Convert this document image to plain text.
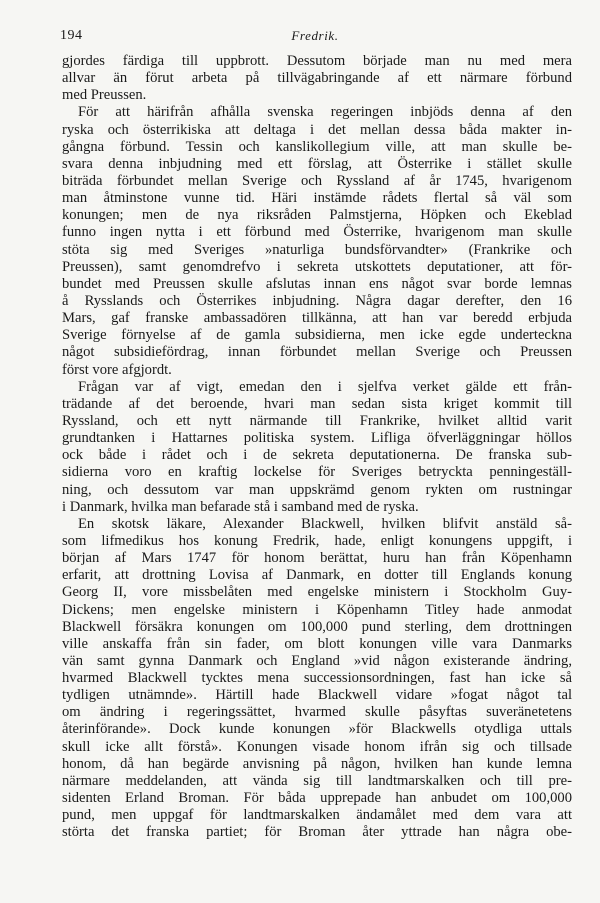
194	Fredrik.
gjordes färdiga till uppbrott. Dessutom började man nu med mera
allvar än förut arbeta på tillvägabringande af ett närmare förbund
med Preussen.
För att härifrån afhålla svenska regeringen inbjöds denna af den
ryska och österrikiska att deltaga i det mellan dessa båda makter in-
gångna förbund. Tessin och kanslikollegium ville, att man skulle be-
svara denna inbjudning med ett förslag, att Österrike i stället skulle
biträda förbundet mellan Sverige och Ryssland af år 1745, hvarigenom
man åtminstone vunne tid. Häri instämde rådets flertal så väl som
konungen; men de nya riksråden Palmstjerna, Höpken och Ekeblad
funno ingen nytta i ett förbund med Österrike, hvarigenom man skulle
stöta sig med Sveriges »naturliga bundsförvandter» (Frankrike och
Preussen), samt genomdrefvo i sekreta utskottets deputationer, att för-
bundet med Preussen skulle afslutas innan ens något svar borde lemnas
å Rysslands och Österrikes inbjudning. Några dagar derefter, den 16
Mars, gaf franske ambassadören tillkänna, att han var beredd erbjuda
Sverige förnyelse af de gamla subsidierna, men icke egde underteckna
något subsidiefördrag, innan förbundet mellan Sverige och Preussen
först vore afgjordt.
Frågan var af vigt, emedan den i sjelfva verket gälde ett från-
trädande af det beroende, hvari man sedan sista kriget kommit till
Ryssland, och ett nytt närmande till Frankrike, hvilket alltid varit
grundtanken i Hattarnes politiska system. Lifliga öfverläggningar höllos
ock både i rådet och i de sekreta deputationerna. De franska sub-
sidierna voro en kraftig lockelse för Sveriges betryckta penningeställ-
ning, och dessutom var man uppskrämd genom rykten om rustningar
i Danmark, hvilka man befarade stå i samband med de ryska.
En skotsk läkare, Alexander Blackwell, hvilken blifvit anstäld så-
som lifmedikus hos konung Fredrik, hade, enligt konungens uppgift, i
början af Mars 1747 för honom berättat, huru han från Köpenhamn
erfarit, att drottning Lovisa af Danmark, en dotter till Englands konung
Georg II, vore missbelåten med engelske ministern i Stockholm Guy-
Dickens; men engelske ministern i Köpenhamn Titley hade anmodat
Blackwell försäkra konungen om 100,000 pund sterling, dem drottningen
ville anskaffa från sin fader, om blott konungen ville vara Danmarks
vän samt gynna Danmark och England »vid någon existerande ändring,
hvarmed Blackwell tycktes mena successionsordningen, fast han icke så
tydligen utnämnde». Härtill hade Blackwell vidare »fogat något tal
om ändring i regeringssättet, hvarmed skulle påsyftas suveränetetens
återinförande». Dock kunde konungen »för Blackwells otydliga uttals
skull icke allt förstå». Konungen visade honom ifrån sig och tillsade
honom, då han begärde anvisning på någon, hvilken han kunde lemna
närmare meddelanden, att vända sig till landtmarskalken och till pre-
sidenten Erland Broman. För båda upprepade han anbudet om 100,000
pund, men uppgaf för landtmarskalken ändamålet med dem vara att
störta det franska partiet; för Broman åter yttrade han några obe-
